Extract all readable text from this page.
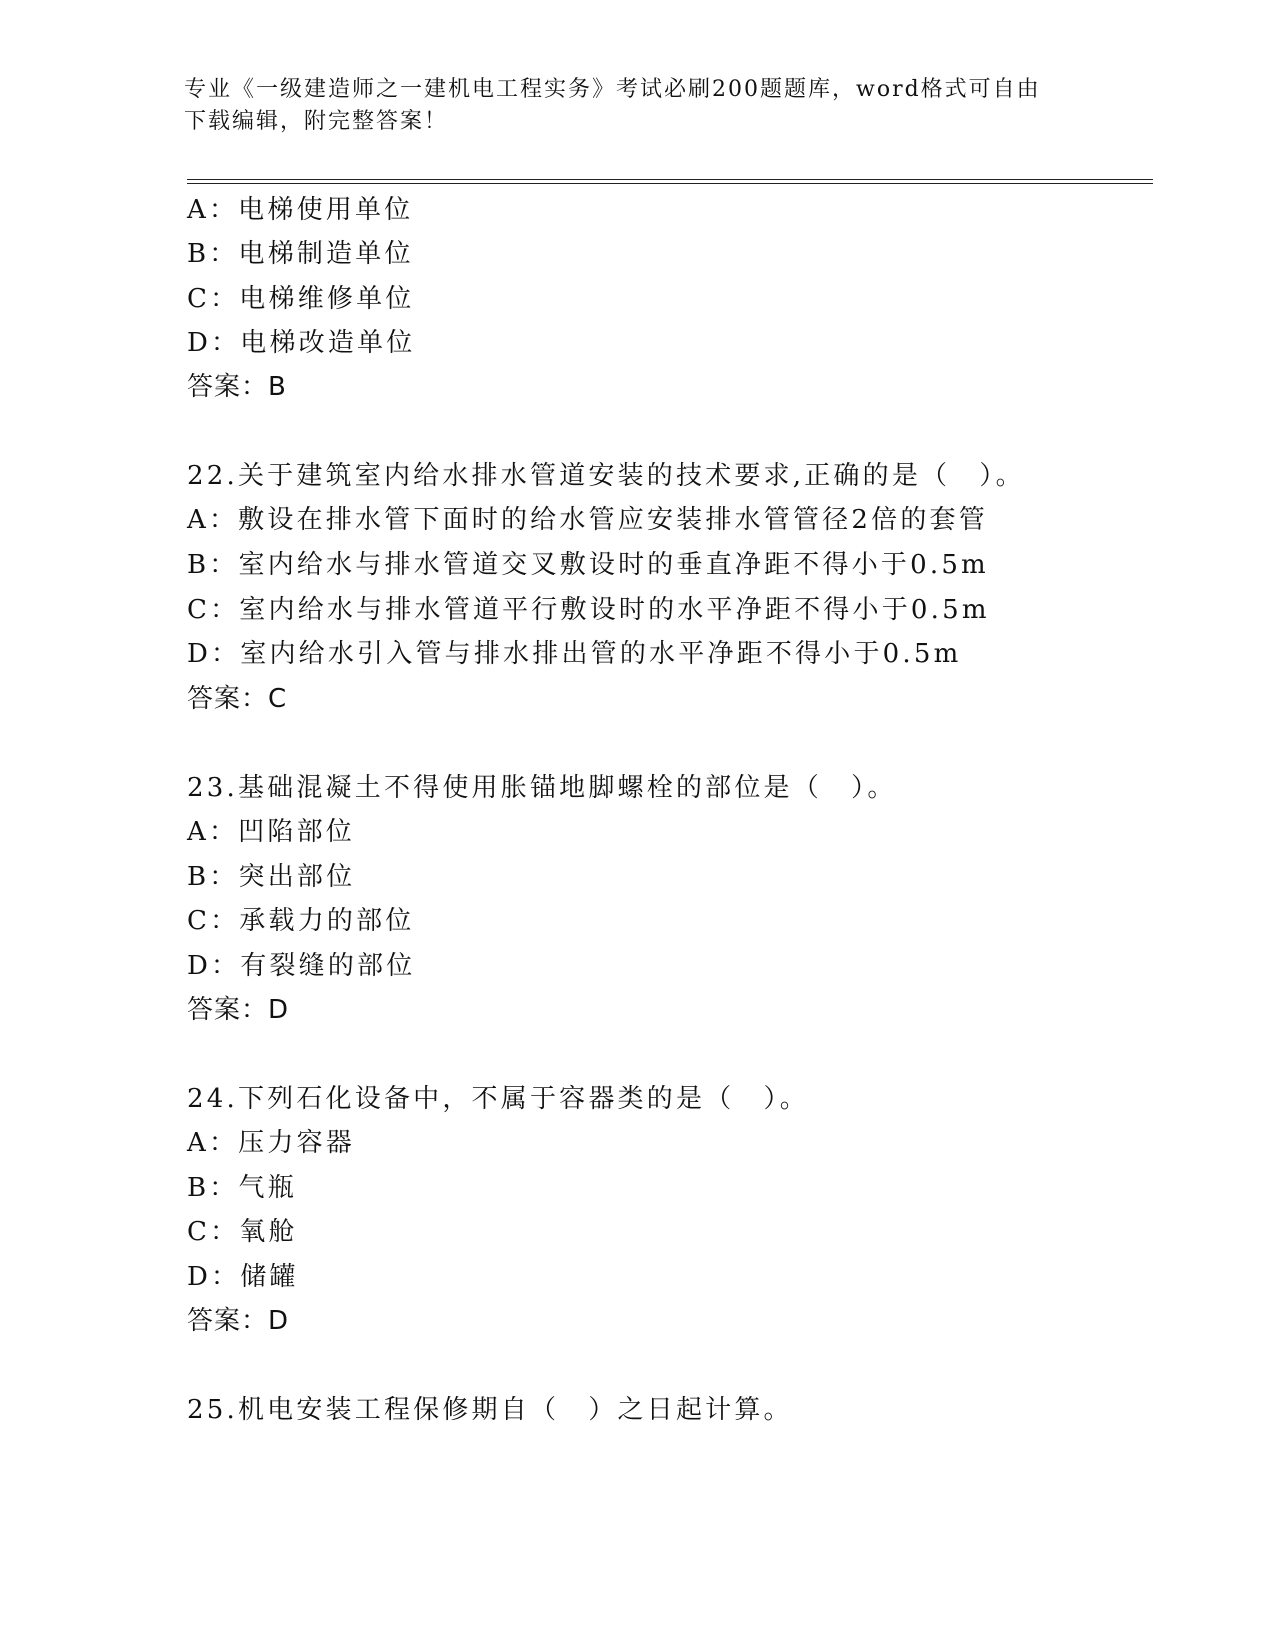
专业《一级建造师之一建机电工程实务》考试必刷200题题库，word格式可自由下载编辑，附完整答案！
A：电梯使用单位
B：电梯制造单位
C：电梯维修单位
D：电梯改造单位
答案：B
22.关于建筑室内给水排水管道安装的技术要求,正确的是（　）。
A：敷设在排水管下面时的给水管应安装排水管管径2倍的套管
B：室内给水与排水管道交叉敷设时的垂直净距不得小于0.5m
C：室内给水与排水管道平行敷设时的水平净距不得小于0.5m
D：室内给水引入管与排水排出管的水平净距不得小于0.5m
答案：C
23.基础混凝土不得使用胀锚地脚螺栓的部位是（　）。
A：凹陷部位
B：突出部位
C：承载力的部位
D：有裂缝的部位
答案：D
24.下列石化设备中，不属于容器类的是（　）。
A：压力容器
B：气瓶
C：氧舱
D：储罐
答案：D
25.机电安装工程保修期自（　）之日起计算。
